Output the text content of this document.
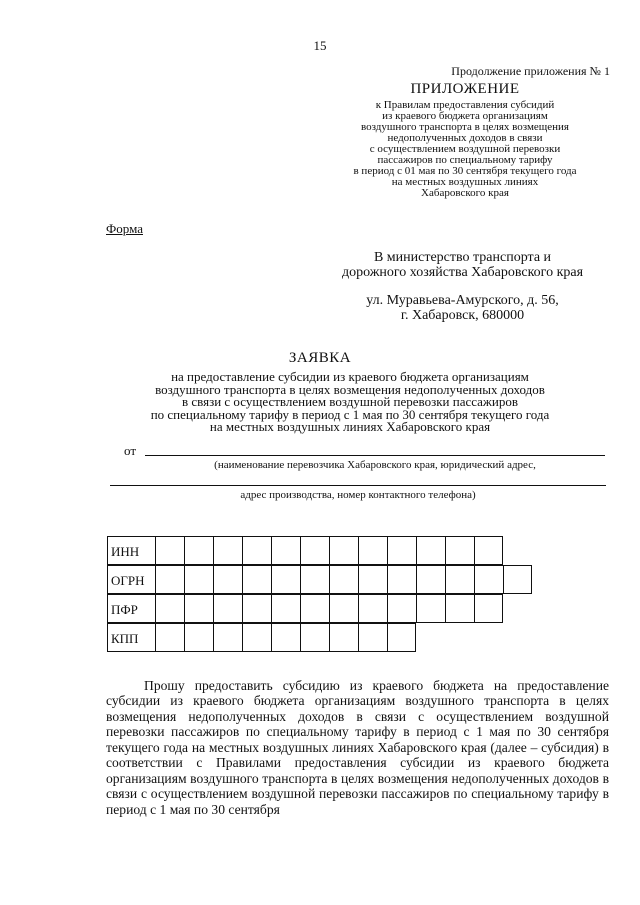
15
Продолжение приложения № 1
ПРИЛОЖЕНИЕ
к Правилам предоставления субсидий
из краевого бюджета организациям
воздушного транспорта в целях возмещения
недополученных доходов в связи
с осуществлением воздушной перевозки
пассажиров по специальному тарифу
в период с 01 мая по 30 сентября текущего года
на местных воздушных линиях
Хабаровского края
Форма
В министерство транспорта и
дорожного хозяйства Хабаровского края
ул. Муравьева-Амурского, д. 56,
г. Хабаровск, 680000
ЗАЯВКА
на предоставление субсидии из краевого бюджета организациям
воздушного транспорта в целях возмещения недополученных доходов
в связи с осуществлением воздушной перевозки пассажиров
по специальному тарифу в период с 1 мая по 30 сентября текущего года
на местных воздушных линиях Хабаровского края
от
(наименование перевозчика Хабаровского края, юридический адрес,
адрес производства, номер контактного телефона)
ИНН
ОГРН
ПФР
КПП

Прошу предоставить субсидию из краевого бюджета на предоставление субсидии из краевого бюджета организациям воздушного транспорта в целях возмещения недополученных доходов в связи с осуществлением воздушной перевозки пассажиров по специальному тарифу в период с 1 мая по 30 сентября текущего года на местных воздушных линиях Хабаровского края (далее – субсидия) в соответствии с Правилами предоставления субсидии из краевого бюджета организациям воздушного транспорта в целях возмещения недополученных доходов в связи с осуществлением воздушной перевозки пассажиров по специальному тарифу в период с 1 мая по 30 сентября
